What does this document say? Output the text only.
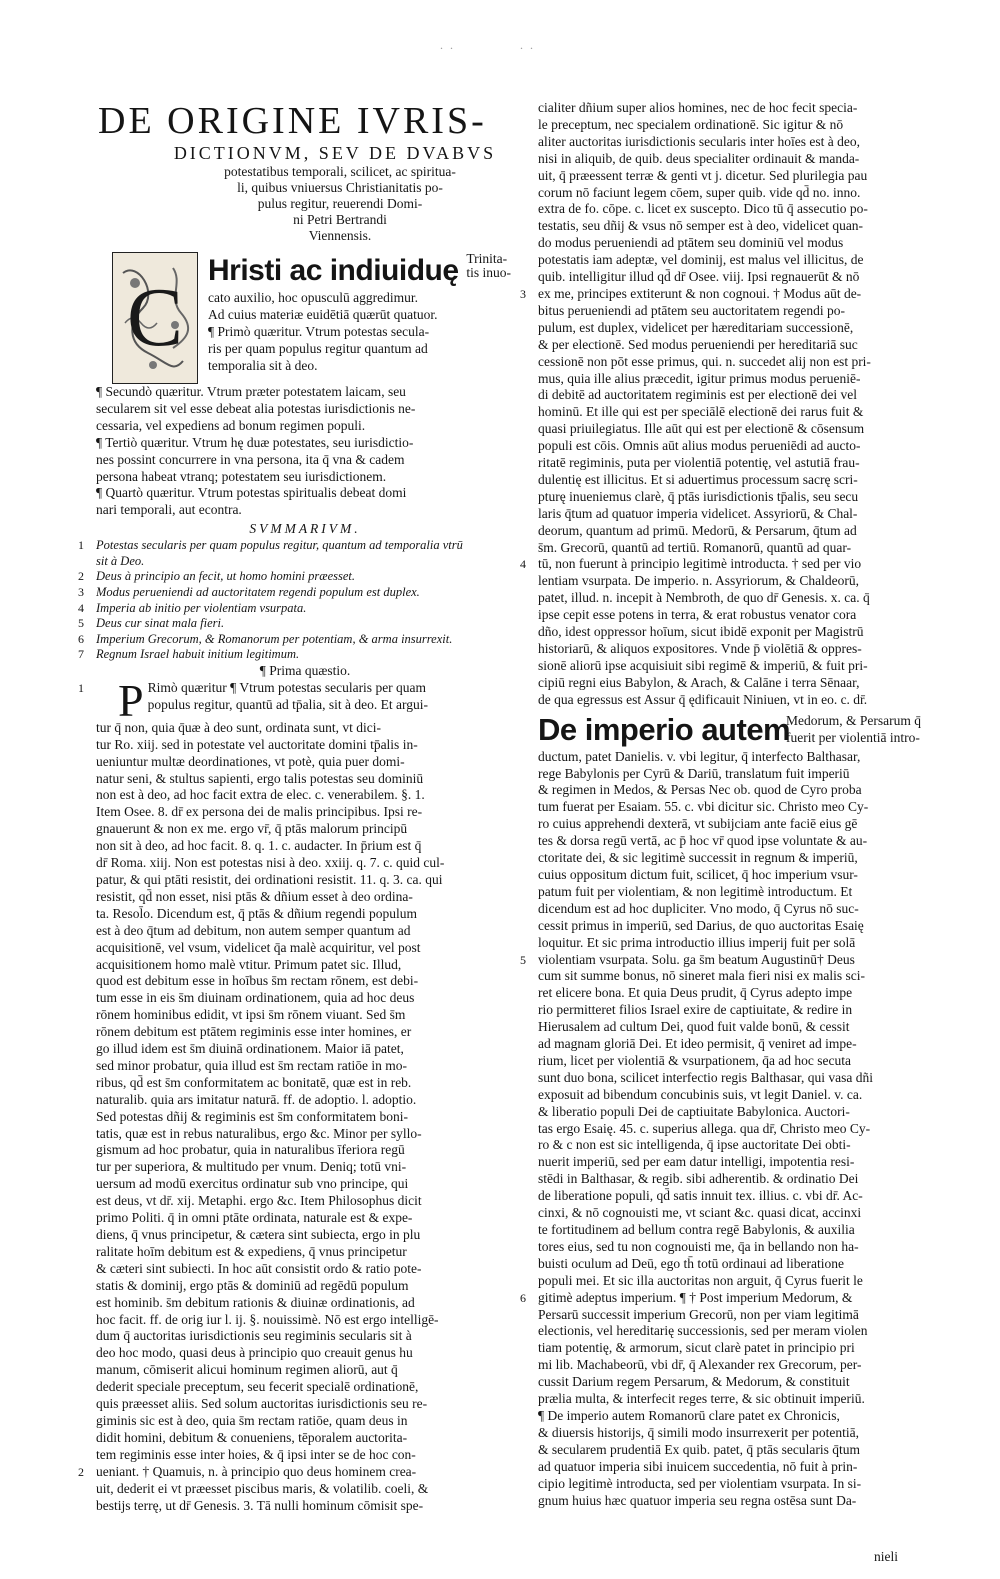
. .	. .
DE ORIGINE IVRIS-
DICTIONVM, SEV DE DVABVS
potestatibus temporali, scilicet, ac spiritua-
li, quibus vniuersus Christianitatis po-
pulus regitur, reuerendi Domi-
ni Petri Bertrandi
Viennensis.
C
Hristi ac indiuiduę Trinita-
tis inuo-
cato auxilio, hoc opusculū aggredimur.
Ad cuius materiæ euidētiā quærūt quatuor.
¶ Primò quæritur. Vtrum potestas secula-
ris per quam populus regitur quantum ad
temporalia sit à deo.
¶ Secundò quæritur. Vtrum præter potestatem laicam, seu
secularem sit vel esse debeat alia potestas iurisdictionis ne-
cessaria, vel expediens ad bonum regimen populi.
¶ Tertiò quæritur. Vtrum hę duæ potestates, seu iurisdictio-
nes possint concurrere in vna persona, ita q̄ vna & cadem
persona habeat vtranq; potestatem seu iurisdictionem.
¶ Quartò quæritur. Vtrum potestas spiritualis debeat domi
nari temporali, aut econtra.
SVMMARIVM.
1 Potestas secularis per quam populus regitur, quantum ad temporalia vtrū
sit à Deo.
2 Deus à principio an fecit, ut homo homini præesset.
3 Modus perueniendi ad auctoritatem regendi populum est duplex.
4 Imperia ab initio per violentiam vsurpata.
5 Deus cur sinat mala fieri.
6 Imperium Grecorum, & Romanorum per potentiam, & arma insurrexit.
7 Regnum Israel habuit initium legitimum.
¶ Prima quæstio.
1 P Rimò quæritur ¶ Vtrum potestas secularis per quam
populus regitur, quantū ad tp̄alia, sit à deo. Et argui-
tur q̄ non, quia q̄uæ à deo sunt, ordinata sunt, vt dici-
tur Ro. xiij. sed in potestate vel auctoritate domini tp̄alis in-
ueniuntur multæ deordinationes, vt potè, quia puer domi-
natur seni, & stultus sapienti, ergo talis potestas seu dominiū
non est à deo, ad hoc facit extra de elec. c. venerabilem. §. 1.
Item Osee. 8. dr̄ ex persona dei de malis principibus. Ipsi re-
gnauerunt & non ex me. ergo vr̄, q̄ ptās malorum principū
non sit à deo, ad hoc facit. 8. q. 1. c. audacter. In p̄rium est q̄
dr̄ Roma. xiij. Non est potestas nisi à deo. xxiij. q. 7. c. quid cul-
patur, & qui ptāti resistit, dei ordinationi resistit. 11. q. 3. ca. qui
resistit, qd̄ non esset, nisi ptās & dñium esset à deo ordina-
ta. Resol̄o. Dicendum est, q̄ ptās & dñium regendi populum
est à deo q̄tum ad debitum, non autem semper quantum ad
acquisitionē, vel vsum, videlicet q̄a malè acquiritur, vel post
acquisitionem homo malè vtitur. Primum patet sic. Illud,
quod est debitum esse in hoībus s̄m rectam rōnem, est debi-
tum esse in eis s̄m diuinam ordinationem, quia ad hoc deus
rōnem hominibus edidit, vt ipsi s̄m rōnem viuant. Sed s̄m
rōnem debitum est ptātem regiminis esse inter homines, er
go illud idem est s̄m diuinā ordinationem. Maior iā patet,
sed minor probatur, quia illud est s̄m rectam ratiōe in mo-
ribus, qd̄ est s̄m conformitatem ac bonitatē, quæ est in reb.
naturalib. quia ars imitatur naturā. ff. de adoptio. l. adoptio.
Sed potestas dñij & regiminis est s̄m conformitatem boni-
tatis, quæ est in rebus naturalibus, ergo &c. Minor per syllo-
gismum ad hoc probatur, quia in naturalibus īferiora regū
tur per superiora, & multitudo per vnum. Deniq; totū vni-
uersum ad modū exercitus ordinatur sub vno principe, qui
est deus, vt dr̄. xij. Metaphi. ergo &c. Item Philosophus dicit
primo Politi. q̄ in omni ptāte ordinata, naturale est & expe-
diens, q̄ vnus principetur, & cætera sint subiecta, ergo in plu
ralitate hoīm debitum est & expediens, q̄ vnus principetur
& cæteri sint subiecti. In hoc aūt consistit ordo & ratio pote-
statis & dominij, ergo ptās & dominiū ad regēdū populum
est hominib. s̄m debitum rationis & diuinæ ordinationis, ad
hoc facit. ff. de orig iur l. ij. §. nouissimè. Nō est ergo intelligē-
dum q̄ auctoritas iurisdictionis seu regiminis secularis sit à
deo hoc modo, quasi deus à principio quo creauit genus hu
manum, cōmiserit alicui hominum regimen aliorū, aut q̄
dederit speciale preceptum, seu fecerit specialē ordinationē,
quis præesset aliis. Sed solum auctoritas iurisdictionis seu re-
giminis sic est à deo, quia s̄m rectam ratiōe, quam deus in
didit homini, debitum & conueniens, tēporalem auctorita-
tem regiminis esse inter hoies, & q̄ ipsi inter se de hoc con-
2 ueniant. † Quamuis, n. à principio quo deus hominem crea-
uit, dederit ei vt præesset piscibus maris, & volatilib. coeli, &
bestijs terrę, ut dr̄ Genesis. 3. Tā nulli hominum cōmisit spe-
cialiter dñium super alios homines, nec de hoc fecit specia-
le preceptum, nec specialem ordinationē. Sic igitur & nō
aliter auctoritas iurisdictionis secularis inter hoīes est à deo,
nisi in aliquib, de quib. deus specialiter ordinauit & manda-
uit, q̄ præessent terræ & genti vt j. dicetur. Sed plurilegia pau
corum nō faciunt legem cōem, super quib. vide qd̄ no. inno.
extra de fo. cōpe. c. licet ex suscepto. Dico tū q̄ assecutio po-
testatis, seu dñij & vsus nō semper est à deo, videlicet quan-
do modus perueniendi ad ptātem seu dominiū vel modus
potestatis iam adeptæ, vel dominij, est malus vel illicitus, de
quib. intelligitur illud qd̄ dr̄ Osee. viij. Ipsi regnauerūt & nō
3 ex me, principes extiterunt & non cognoui. † Modus aūt de-
bitus perueniendi ad ptātem seu auctoritatem regendi po-
pulum, est duplex, videlicet per hæreditariam successionē,
& per electionē. Sed modus perueniendi per hereditariā suc
cessionē non pōt esse primus, qui. n. succedet alij non est pri-
mus, quia ille alius præcedit, igitur primus modus perueniē-
di debitē ad auctoritatem regiminis est per electionē dei vel
hominū. Et ille qui est per speciālē electionē dei rarus fuit &
quasi priuilegiatus. Ille aūt qui est per electionē & cōsensum
populi est cōis. Omnis aūt alius modus perueniēdi ad aucto-
ritatē regiminis, puta per violentiā potentię, vel astutiā frau-
dulentię est illicitus. Et si aduertimus processum sacrę scri-
pturę inueniemus clarè, q̄ ptās iurisdictionis tp̄alis, seu secu
laris q̄tum ad quatuor imperia videlicet. Assyriorū, & Chal-
deorum, quantum ad primū. Medorū, & Persarum, q̄tum ad
s̄m. Grecorū, quantū ad tertiū. Romanorū, quantū ad quar-
4 tū, non fuerunt à principio legitimè introducta. † sed per vio
lentiam vsurpata. De imperio. n. Assyriorum, & Chaldeorū,
patet, illud. n. incepit à Nembroth, de quo dr̄ Genesis. x. ca. q̄
ipse cepit esse potens in terra, & erat robustus venator cora
dño, idest oppressor hoīum, sicut ibidē exponit per Magistrū
historiarū, & aliquos expositores. Vnde p̄ violētiā & oppres-
sionē aliorū ipse acquisiuit sibi regimē & imperiū, & fuit pri-
cipiū regni eius Babylon, & Arach, & Calāne i terra Sēnaar,
de qua egressus est Assur q̄ ędificauit Niniuen, vt in eo. c. dr̄.
De imperio autem
Medorum, & Persarum q̄
fuerit per violentiā intro-
ductum, patet Danielis. v. vbi legitur, q̄ interfecto Balthasar,
rege Babylonis per Cyrū & Dariū, translatum fuit imperiū
& regimen in Medos, & Persas Nec ob. quod de Cyro proba
tum fuerat per Esaiam. 55. c. vbi dicitur sic. Christo meo Cy-
ro cuius apprehendi dexterā, vt subijciam ante faciē eius gē
tes & dorsa regū vertā, ac p̄ hoc vr̄ quod ipse voluntate & au-
ctoritate dei, & sic legitimè successit in regnum & imperiū,
cuius oppositum dictum fuit, scilicet, q̄ hoc imperium vsur-
patum fuit per violentiam, & non legitimè introductum. Et
dicendum est ad hoc dupliciter. Vno modo, q̄ Cyrus nō suc-
cessit primus in imperiū, sed Darius, de quo auctoritas Esaię
loquitur. Et sic prima introductio illius imperij fuit per solā
5 violentiam vsurpata. Solu. ga s̄m beatum Augustinū† Deus
cum sit summe bonus, nō sineret mala fieri nisi ex malis sci-
ret elicere bona. Et quia Deus prudit, q̄ Cyrus adepto impe
rio permitteret filios Israel exire de captiuitate, & redire in
Hierusalem ad cultum Dei, quod fuit valde bonū, & cessit
ad magnam gloriā Dei. Et ideo permisit, q̄ veniret ad impe-
rium, licet per violentiā & vsurpationem, q̄a ad hoc secuta
sunt duo bona, scilicet interfectio regis Balthasar, qui vasa dñi
exposuit ad bibendum concubinis suis, vt legit Daniel. v. ca.
& liberatio populi Dei de captiuitate Babylonica. Auctori-
tas ergo Esaię. 45. c. superius allega. qua dr̄, Christo meo Cy-
ro & c non est sic intelligenda, q̄ ipse auctoritate Dei obti-
nuerit imperiū, sed per eam datur intelligi, impotentia resi-
stēdi in Balthasar, & regib. sibi adherentib. & ordinatio Dei
de liberatione populi, qd̄ satis innuit tex. illius. c. vbi dr̄. Ac-
cinxi, & nō cognouisti me, vt sciant &c. quasi dicat, accinxi
te fortitudinem ad bellum contra regē Babylonis, & auxilia
tores eius, sed tu non cognouisti me, q̄a in bellando non ha-
buisti oculum ad Deū, ego th̄ totū ordinaui ad liberatione
populi mei. Et sic illa auctoritas non arguit, q̄ Cyrus fuerit le
6 gitimè adeptus imperium. ¶ † Post imperium Medorum, &
Persarū successit imperium Grecorū, non per viam legitimā
electionis, vel hereditarię successionis, sed per meram violen
tiam potentię, & armorum, sicut clarè patet in principio pri
mi lib. Machabeorū, vbi dr̄, q̄ Alexander rex Grecorum, per-
cussit Darium regem Persarum, & Medorum, & constituit
prælia multa, & interfecit reges terre, & sic obtinuit imperiū.
¶ De imperio autem Romanorū clare patet ex Chronicis,
& diuersis historijs, q̄ simili modo insurrexerit per potentiā,
& secularem prudentiā Ex quib. patet, q̄ ptās secularis q̄tum
ad quatuor imperia sibi inuicem succedentia, nō fuit à prin-
cipio legitimè introducta, sed per violentiam vsurpata. In si-
gnum huius hæc quatuor imperia seu regna ostēsa sunt Da-
nieli
